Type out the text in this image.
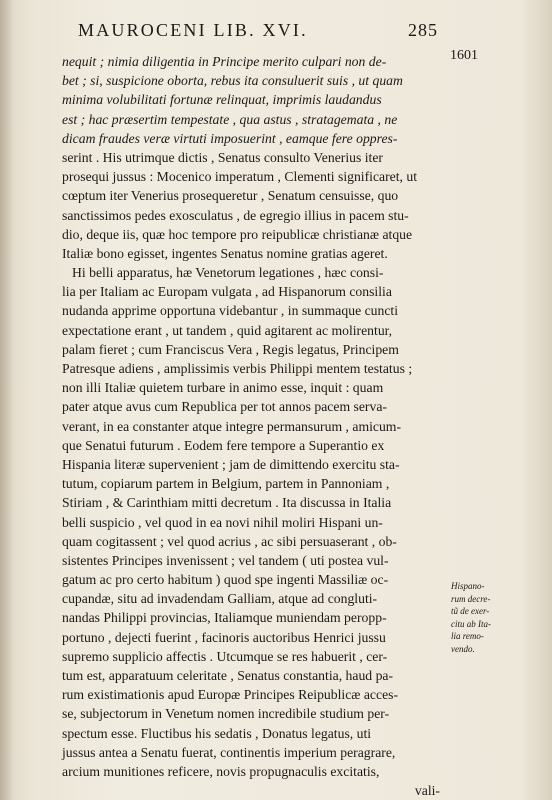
MAUROCENI LIB. XVI.	285
1601
nequit ; nimia diligentia in Principe merito culpari non de-
bet ; si, suspicione oborta, rebus ita consuluerit suis , ut quam
minima volubilitati fortunæ relinquat, imprimis laudandus
est ; hac præsertim tempestate , qua astus , stratagemata , ne
dicam fraudes veræ virtuti imposuerint , eamque fere oppres-
serint . His utrimque dictis , Senatus consulto Venerius iter
prosequi jussus : Mocenico imperatum , Clementi significaret, ut
cœptum iter Venerius prosequeretur , Senatum censuisse, quo
sanctissimos pedes exosculatus , de egregio illius in pacem stu-
dio, deque iis, quæ hoc tempore pro reipublicæ christianæ atque
Italiæ bono egisset, ingentes Senatus nomine gratias ageret.
Hi belli apparatus, hæ Venetorum legationes , hæc consi-
lia per Italiam ac Europam vulgata , ad Hispanorum consilia
nudanda apprime opportuna videbantur , in summaque cuncti
expectatione erant , ut tandem , quid agitarent ac molirentur,
palam fieret ; cum Franciscus Vera , Regis legatus, Principem
Patresque adiens , amplissimis verbis Philippi mentem testatus ;
non illi Italiæ quietem turbare in animo esse, inquit : quam
pater atque avus cum Republica per tot annos pacem serva-
verant, in ea constanter atque integre permansurum , amicum-
que Senatui futurum . Eodem fere tempore a Superantio ex
Hispania literæ supervenient ; jam de dimittendo exercitu sta-
tutum, copiarum partem in Belgium, partem in Pannoniam ,
Stiriam , & Carinthiam mitti decretum . Ita discussa in Italia
belli suspicio , vel quod in ea novi nihil moliri Hispani un-
quam cogitassent ; vel quod acrius , ac sibi persuaserant , ob-
sistentes Principes invenissent ; vel tandem ( uti postea vul-
gatum ac pro certo habitum ) quod spe ingenti Massiliæ oc-
cupandæ, situ ad invadendam Galliam, atque ad congluti-
nandas Philippi provincias, Italiamque muniendam peropp-
portuno , dejecti fuerint , facinoris auctoribus Henrici jussu
supremo supplicio affectis . Utcumque se res habuerit , cer-
tum est, apparatuum celeritate , Senatus constantia, haud pa-
rum existimationis apud Europæ Principes Reipublicæ acces-
se, subjectorum in Venetum nomen incredibile studium per-
spectum esse. Fluctibus his sedatis , Donatus legatus, uti
jussus antea a Senatu fuerat, continentis imperium peragrare,
arcium munitiones reficere, novis propugnaculis excitatis,
vali-
Hispano-
rum decre-
tũ de exer-
citu ab Ita-
lia remo-
vendo.
